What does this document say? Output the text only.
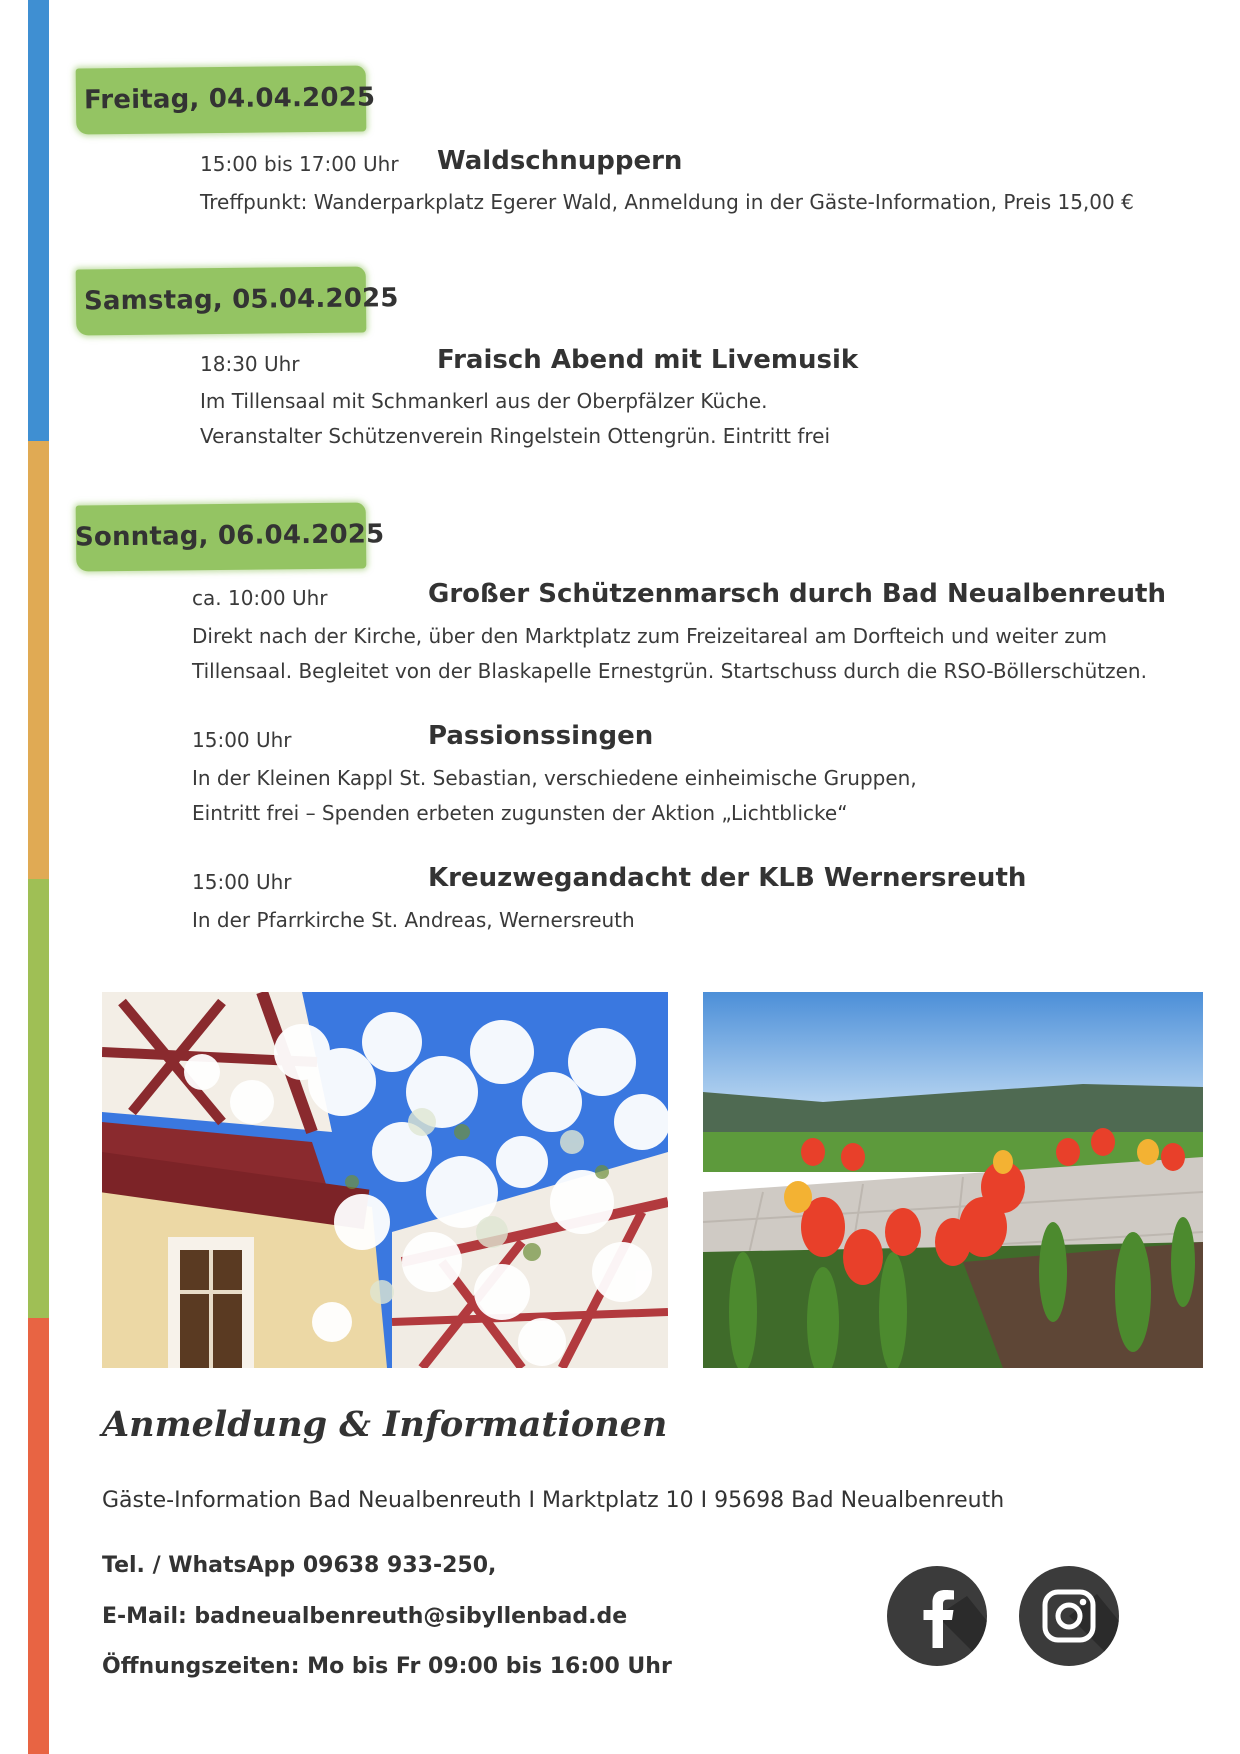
Freitag, 04.04.2025
15:00 bis 17:00 Uhr Waldschnuppern
Treffpunkt: Wanderparkplatz Egerer Wald, Anmeldung in der Gäste-Information, Preis 15,00 €
Samstag, 05.04.2025
18:30 Uhr	Fraisch Abend mit Livemusik
Im Tillensaal mit Schmankerl aus der Oberpfälzer Küche.
Veranstalter Schützenverein Ringelstein Ottengrün. Eintritt frei
Sonntag, 06.04.2025
ca. 10:00 Uhr	Großer Schützenmarsch durch Bad Neualbenreuth
Direkt nach der Kirche, über den Marktplatz zum Freizeitareal am Dorfteich und weiter zum
Tillensaal. Begleitet von der Blaskapelle Ernestgrün. Startschuss durch die RSO-Böllerschützen.
15:00 Uhr	Passionssingen
In der Kleinen Kappl St. Sebastian, verschiedene einheimische Gruppen,
Eintritt frei – Spenden erbeten zugunsten der Aktion „Lichtblicke“
15:00 Uhr	Kreuzwegandacht der KLB Wernersreuth
In der Pfarrkirche St. Andreas, Wernersreuth
Anmeldung & Informationen
Gäste-Information Bad Neualbenreuth I Marktplatz 10 I 95698 Bad Neualbenreuth
Tel. / WhatsApp 09638 933-250,
E-Mail: badneualbenreuth@sibyllenbad.de
Öffnungszeiten: Mo bis Fr 09:00 bis 16:00 Uhr
